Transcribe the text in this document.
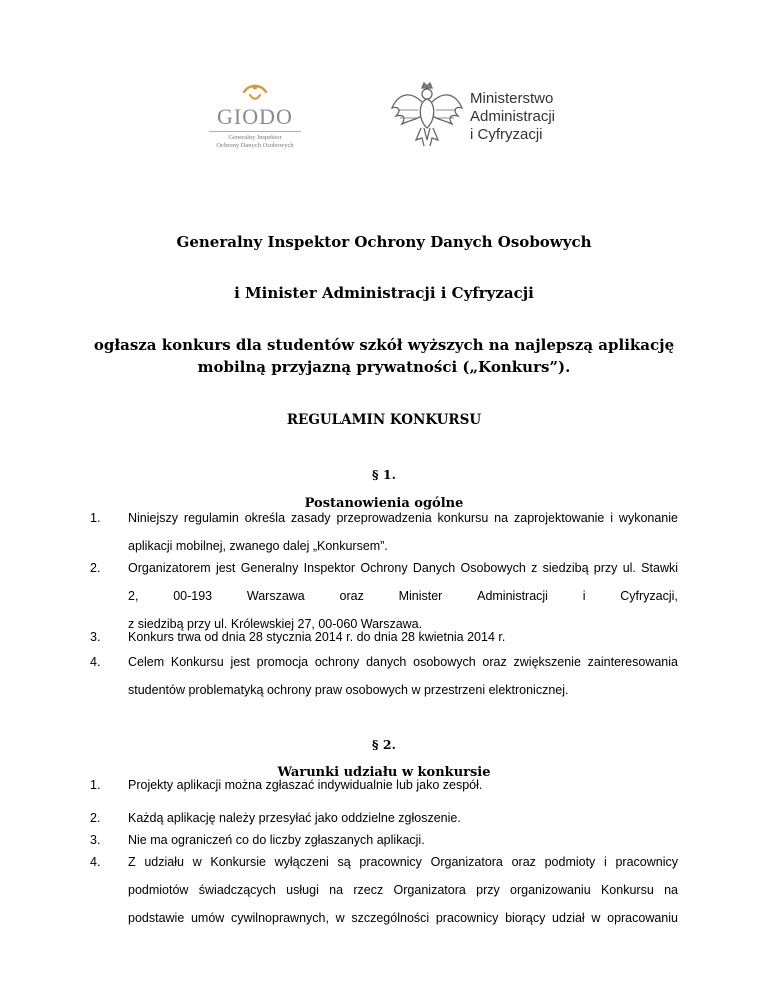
GIODO
Generalny Inspektor
Ochrony Danych Osobowych
Ministerstwo
Administracji
i Cyfryzacji
Generalny Inspektor Ochrony Danych Osobowych
i Minister Administracji i Cyfryzacji
ogłasza konkurs dla studentów szkół wyższych na najlepszą aplikację
mobilną przyjazną prywatności („Konkurs”).
REGULAMIN KONKURSU
§ 1.
Postanowienia ogólne
1. Niniejszy regulamin określa zasady przeprowadzenia konkursu na zaprojektowanie i wykonanie
aplikacji mobilnej, zwanego dalej „Konkursem”.
2. Organizatorem jest Generalny Inspektor Ochrony Danych Osobowych z siedzibą przy ul. Stawki
2,	00-193	Warszawa	oraz	Minister	Administracji	i	Cyfryzacji,
z siedzibą przy ul. Królewskiej 27, 00-060 Warszawa.
3. Konkurs trwa od dnia 28 stycznia 2014 r. do dnia 28 kwietnia 2014 r.
4. Celem Konkursu jest promocja ochrony danych osobowych oraz zwiększenie zainteresowania
studentów problematyką ochrony praw osobowych w przestrzeni elektronicznej.
§ 2.
Warunki udziału w konkursie
1. Projekty aplikacji można zgłaszać indywidualnie lub jako zespół.
2. Każdą aplikację należy przesyłać jako oddzielne zgłoszenie.
3. Nie ma ograniczeń co do liczby zgłaszanych aplikacji.
4. Z udziału w Konkursie wyłączeni są pracownicy Organizatora oraz podmioty i pracownicy
podmiotów świadczących usługi na rzecz Organizatora przy organizowaniu Konkursu na
podstawie umów cywilnoprawnych, w szczególności pracownicy biorący udział w opracowaniu
